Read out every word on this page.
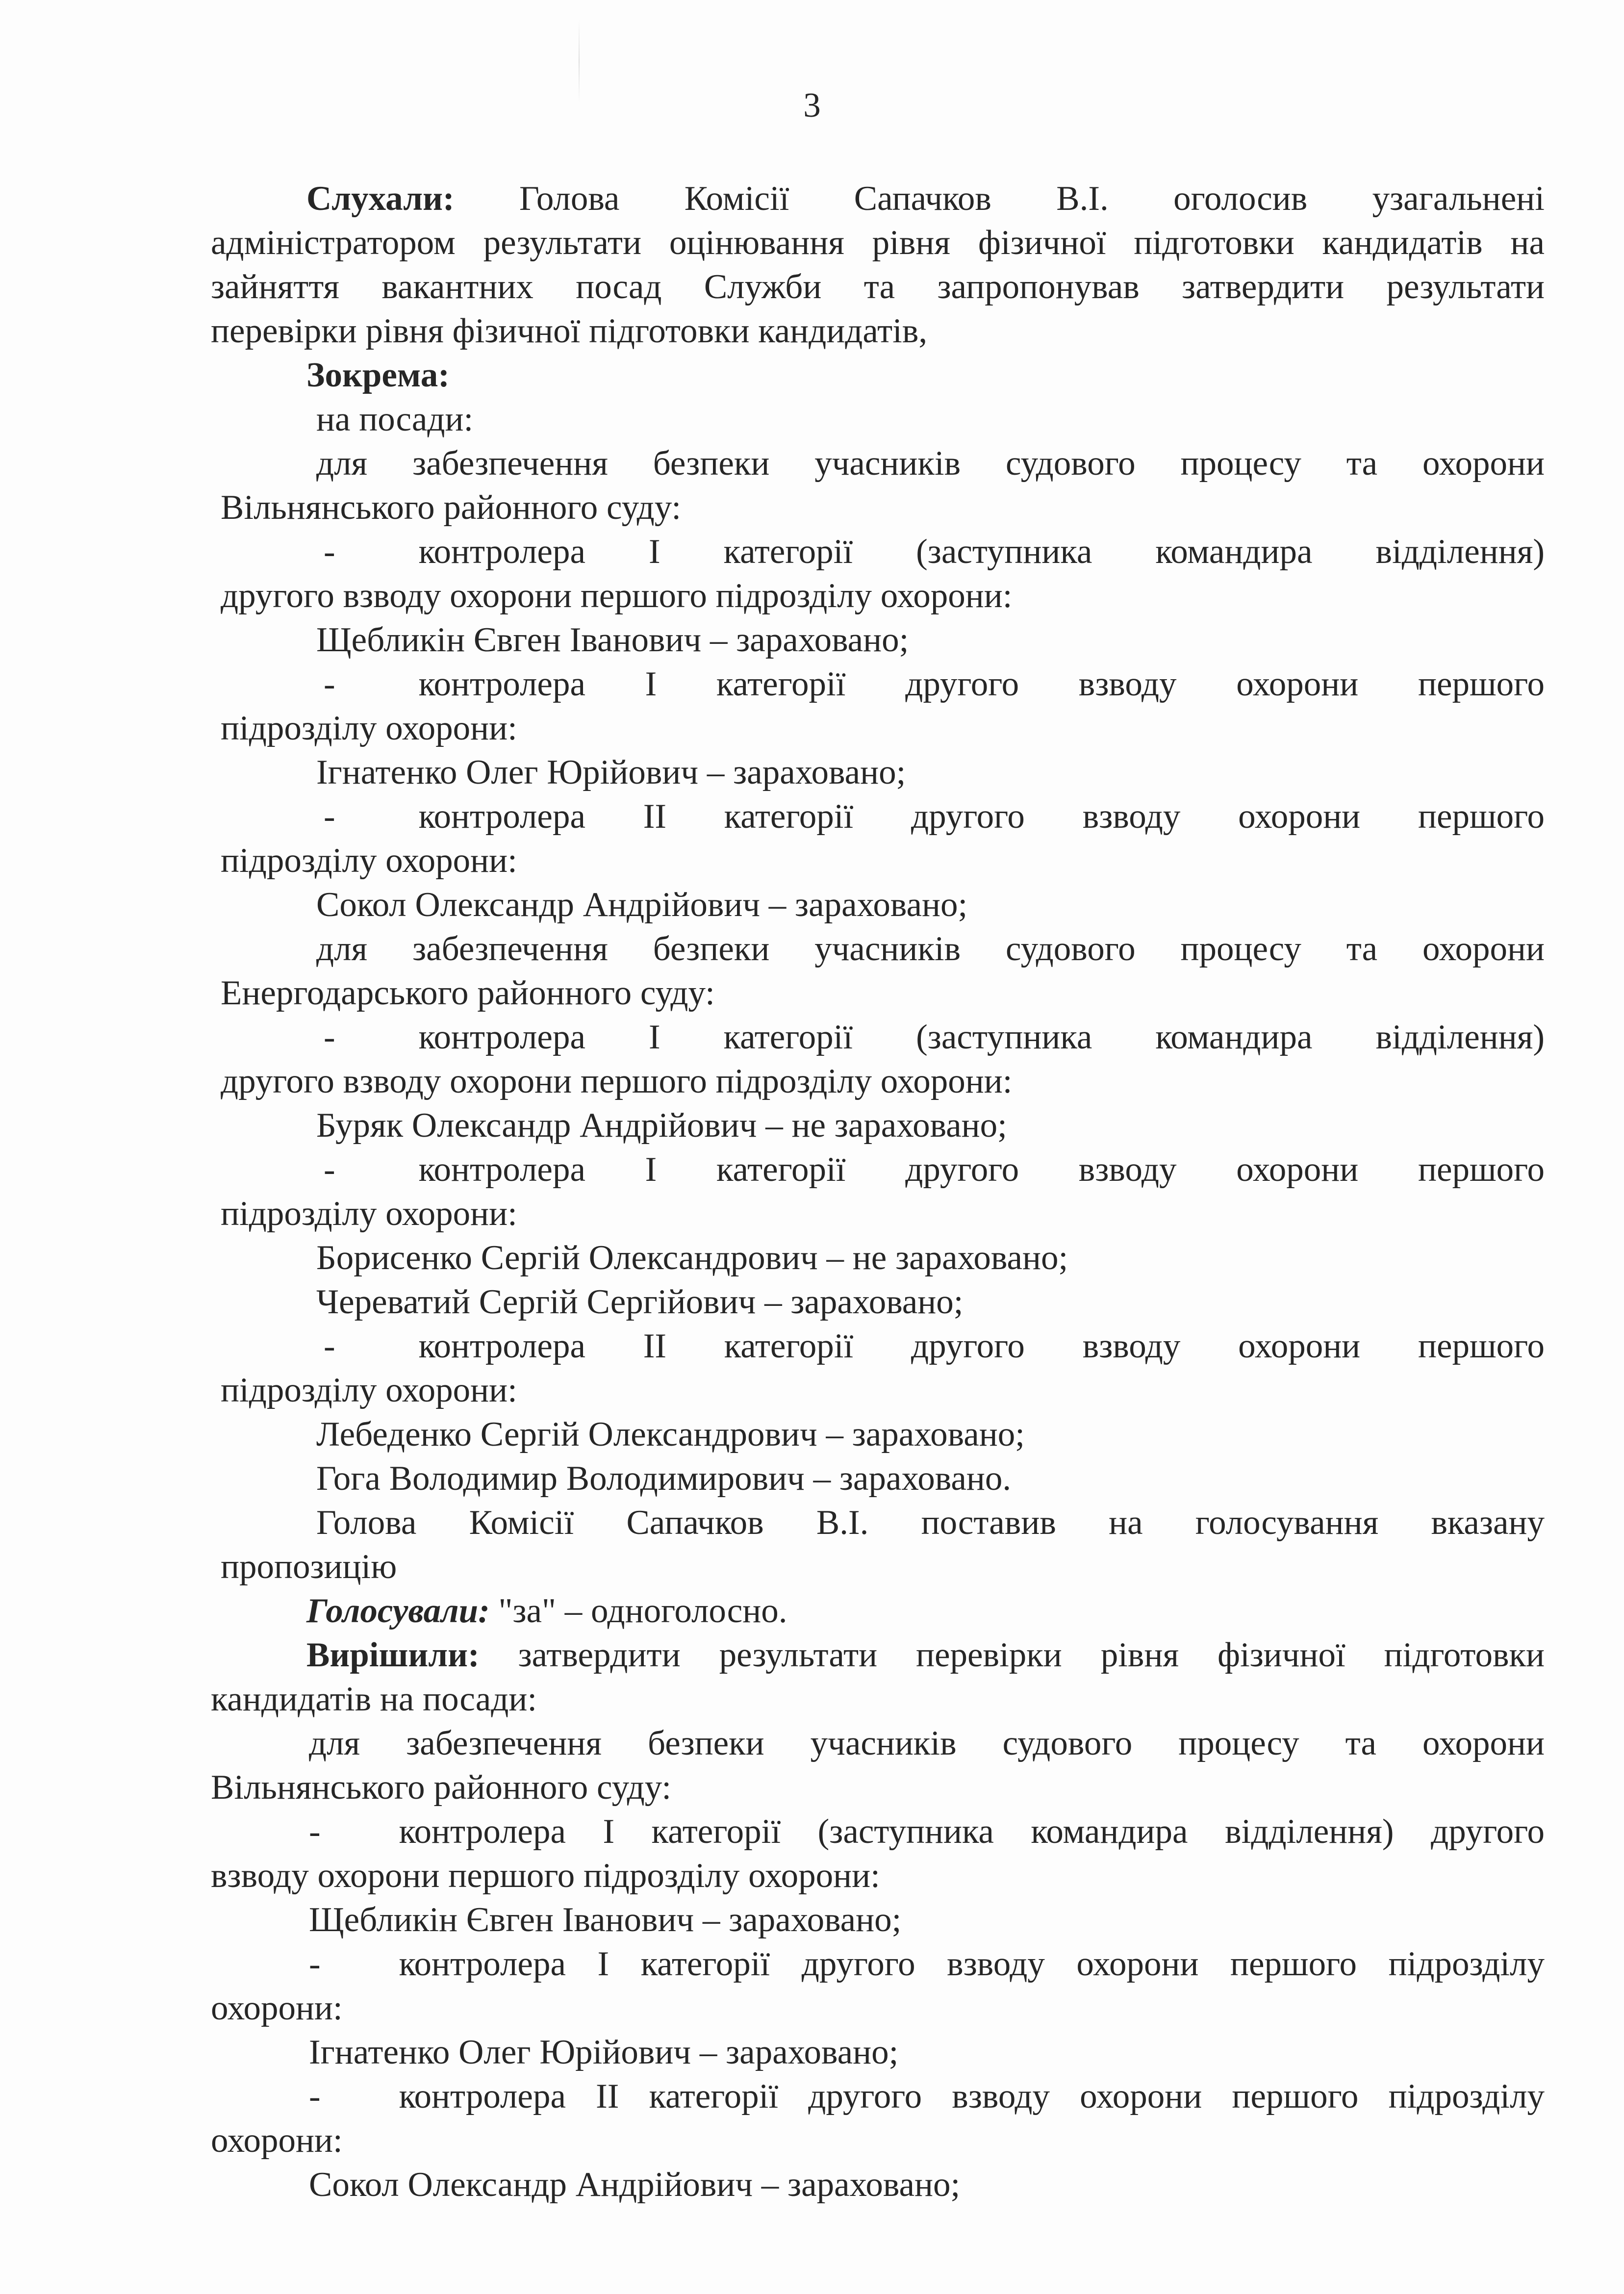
3
Слухали: Голова Комісії Сапачков В.І. оголосив узагальнені
адміністратором результати оцінювання рівня фізичної підготовки кандидатів на
зайняття вакантних посад Служби та запропонував затвердити результати
перевірки рівня фізичної підготовки кандидатів,
Зокрема:
на посади:
для забезпечення безпеки учасників судового процесу та охорони
Вільнянського районного суду:
-	контролера I категорії (заступника командира відділення)
другого взводу охорони першого підрозділу охорони:
Щебликін Євген Іванович – зараховано;
-	контролера I категорії другого взводу охорони першого
підрозділу охорони:
Ігнатенко Олег Юрійович – зараховано;
-	контролера II категорії другого взводу охорони першого
підрозділу охорони:
Сокол Олександр Андрійович – зараховано;
для забезпечення безпеки учасників судового процесу та охорони
Енергодарського районного суду:
-	контролера I категорії (заступника командира відділення)
другого взводу охорони першого підрозділу охорони:
Буряк Олександр Андрійович – не зараховано;
-	контролера I категорії другого взводу охорони першого
підрозділу охорони:
Борисенко Сергій Олександрович – не зараховано;
Череватий Сергій Сергійович – зараховано;
-	контролера II категорії другого взводу охорони першого
підрозділу охорони:
Лебеденко Сергій Олександрович – зараховано;
Гога Володимир Володимирович – зараховано.
Голова Комісії Сапачков В.І. поставив на голосування вказану
пропозицію
Голосували: "за" – одноголосно.
Вирішили: затвердити результати перевірки рівня фізичної підготовки
кандидатів на посади:
для забезпечення безпеки учасників судового процесу та охорони
Вільнянського районного суду:
-	контролера I категорії (заступника командира відділення) другого
взводу охорони першого підрозділу охорони:
Щебликін Євген Іванович – зараховано;
-	контролера I категорії другого взводу охорони першого підрозділу
охорони:
Ігнатенко Олег Юрійович – зараховано;
-	контролера II категорії другого взводу охорони першого підрозділу
охорони:
Сокол Олександр Андрійович – зараховано;
